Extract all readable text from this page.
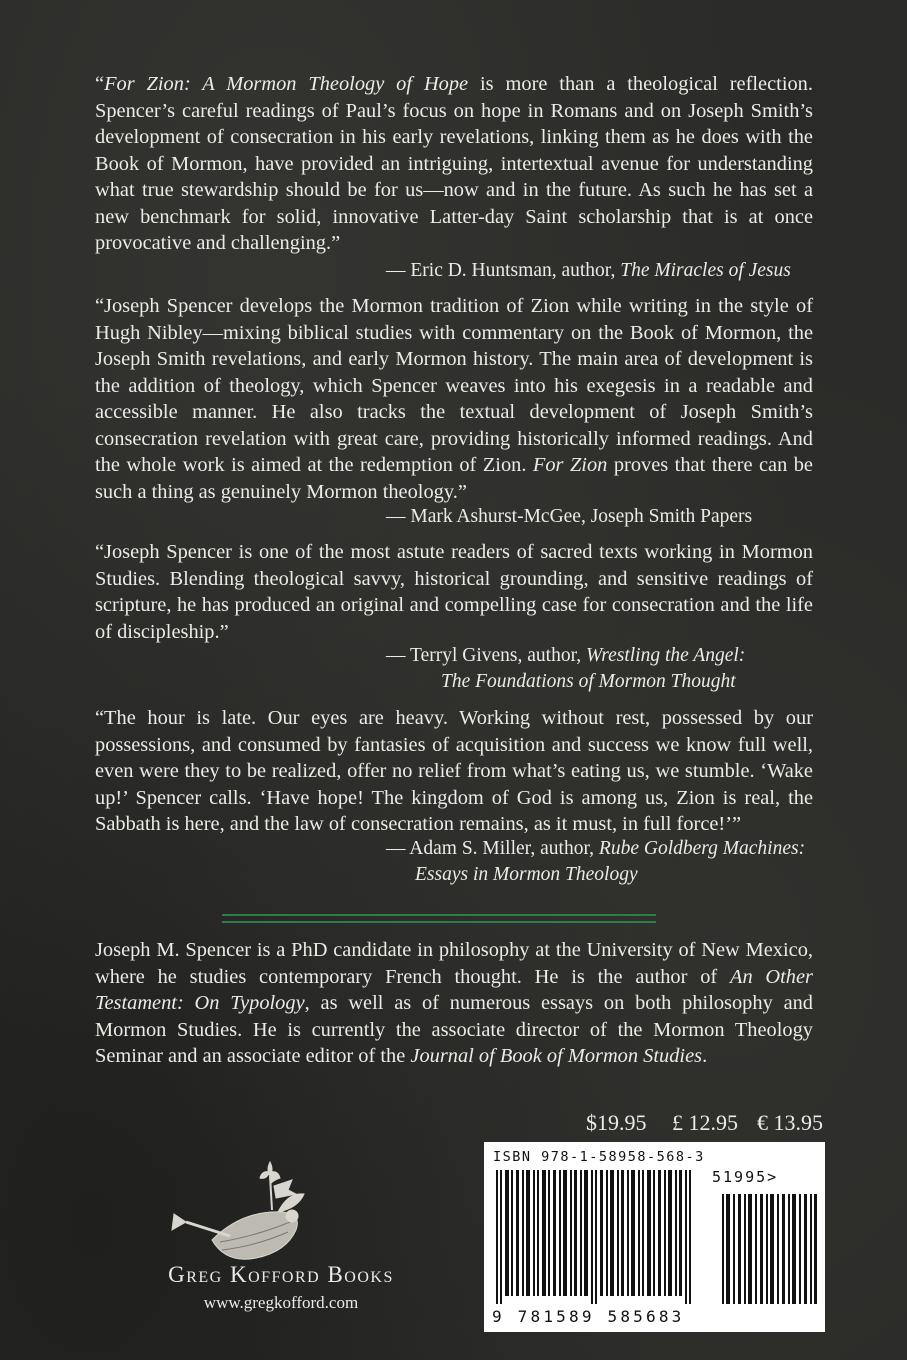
“For Zion: A Mormon Theology of Hope is more than a theological reflection. Spencer’s careful readings of Paul’s focus on hope in Romans and on Joseph Smith’s development of consecration in his early revelations, linking them as he does with the Book of Mormon, have provided an intriguing, intertextual avenue for understanding what true stewardship should be for us—now and in the future. As such he has set a new benchmark for solid, innovative Latter-day Saint scholarship that is at once provocative and challenging.”
— Eric D. Huntsman, author, The Miracles of Jesus
“Joseph Spencer develops the Mormon tradition of Zion while writing in the style of Hugh Nibley—mixing biblical studies with commentary on the Book of Mormon, the Joseph Smith revelations, and early Mormon history. The main area of development is the addition of theology, which Spencer weaves into his exegesis in a readable and accessible manner. He also tracks the textual development of Joseph Smith’s consecration revelation with great care, providing historically informed readings. And the whole work is aimed at the redemption of Zion. For Zion proves that there can be such a thing as genuinely Mormon theology.”
— Mark Ashurst-McGee, Joseph Smith Papers
“Joseph Spencer is one of the most astute readers of sacred texts working in Mormon Studies. Blending theological savvy, historical grounding, and sensitive readings of scripture, he has produced an original and compelling case for consecration and the life of discipleship.”
— Terryl Givens, author, Wrestling the Angel:
The Foundations of Mormon Thought
“The hour is late. Our eyes are heavy. Working without rest, possessed by our possessions, and consumed by fantasies of acquisition and success we know full well, even were they to be realized, offer no relief from what’s eating us, we stumble. ‘Wake up!’ Spencer calls. ‘Have hope! The kingdom of God is among us, Zion is real, the Sabbath is here, and the law of consecration remains, as it must, in full force!’”
— Adam S. Miller, author, Rube Goldberg Machines:
Essays in Mormon Theology
Joseph M. Spencer is a PhD candidate in philosophy at the University of New Mexico, where he studies contemporary French thought. He is the author of An Other Testament: On Typology, as well as of numerous essays on both philosophy and Mormon Studies. He is currently the associate director of the Mormon Theology Seminar and an associate editor of the Journal of Book of Mormon Studies.
$19.95 £ 12.95 € 13.95
Greg Kofford Books
www.gregkofford.com
ISBN 978-1-58958-568-3
51995>
9 781589 585683
